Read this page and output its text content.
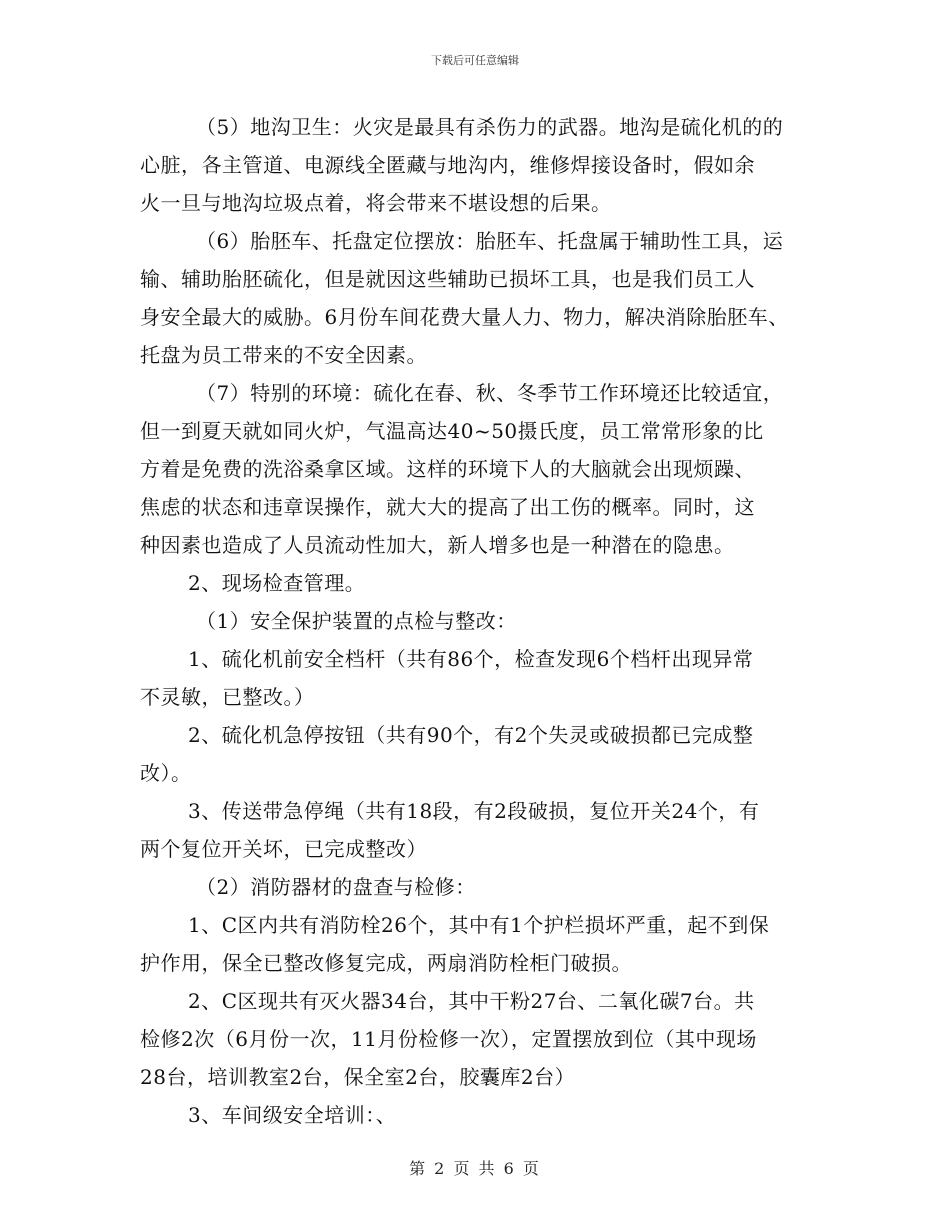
下载后可任意编辑
（5）地沟卫生：火灾是最具有杀伤力的武器。地沟是硫化机的的
心脏，各主管道、电源线全匿藏与地沟内，维修焊接设备时，假如余
火一旦与地沟垃圾点着，将会带来不堪设想的后果。
（6）胎胚车、托盘定位摆放：胎胚车、托盘属于辅助性工具，运
输、辅助胎胚硫化，但是就因这些辅助已损坏工具，也是我们员工人
身安全最大的威胁。6月份车间花费大量人力、物力，解决消除胎胚车、
托盘为员工带来的不安全因素。
（7）特别的环境：硫化在春、秋、冬季节工作环境还比较适宜，
但一到夏天就如同火炉，气温高达40~50摄氏度，员工常常形象的比
方着是免费的洗浴桑拿区域。这样的环境下人的大脑就会出现烦躁、
焦虑的状态和违章误操作，就大大的提高了出工伤的概率。同时，这
种因素也造成了人员流动性加大，新人增多也是一种潜在的隐患。
2、现场检查管理。
（1）安全保护装置的点检与整改：
1、硫化机前安全档杆（共有86个，检查发现6个档杆出现异常
不灵敏，已整改。）
2、硫化机急停按钮（共有90个，有2个失灵或破损都已完成整
改）。
3、传送带急停绳（共有18段，有2段破损，复位开关24个，有
两个复位开关坏，已完成整改）
（2）消防器材的盘查与检修：
1、C区内共有消防栓26个，其中有1个护栏损坏严重，起不到保
护作用，保全已整改修复完成，两扇消防栓柜门破损。
2、C区现共有灭火器34台，其中干粉27台、二氧化碳7台。共
检修2次（6月份一次，11月份检修一次），定置摆放到位（其中现场
28台，培训教室2台，保全室2台，胶囊库2台）
3、车间级安全培训：、
第 2 页 共 6 页
